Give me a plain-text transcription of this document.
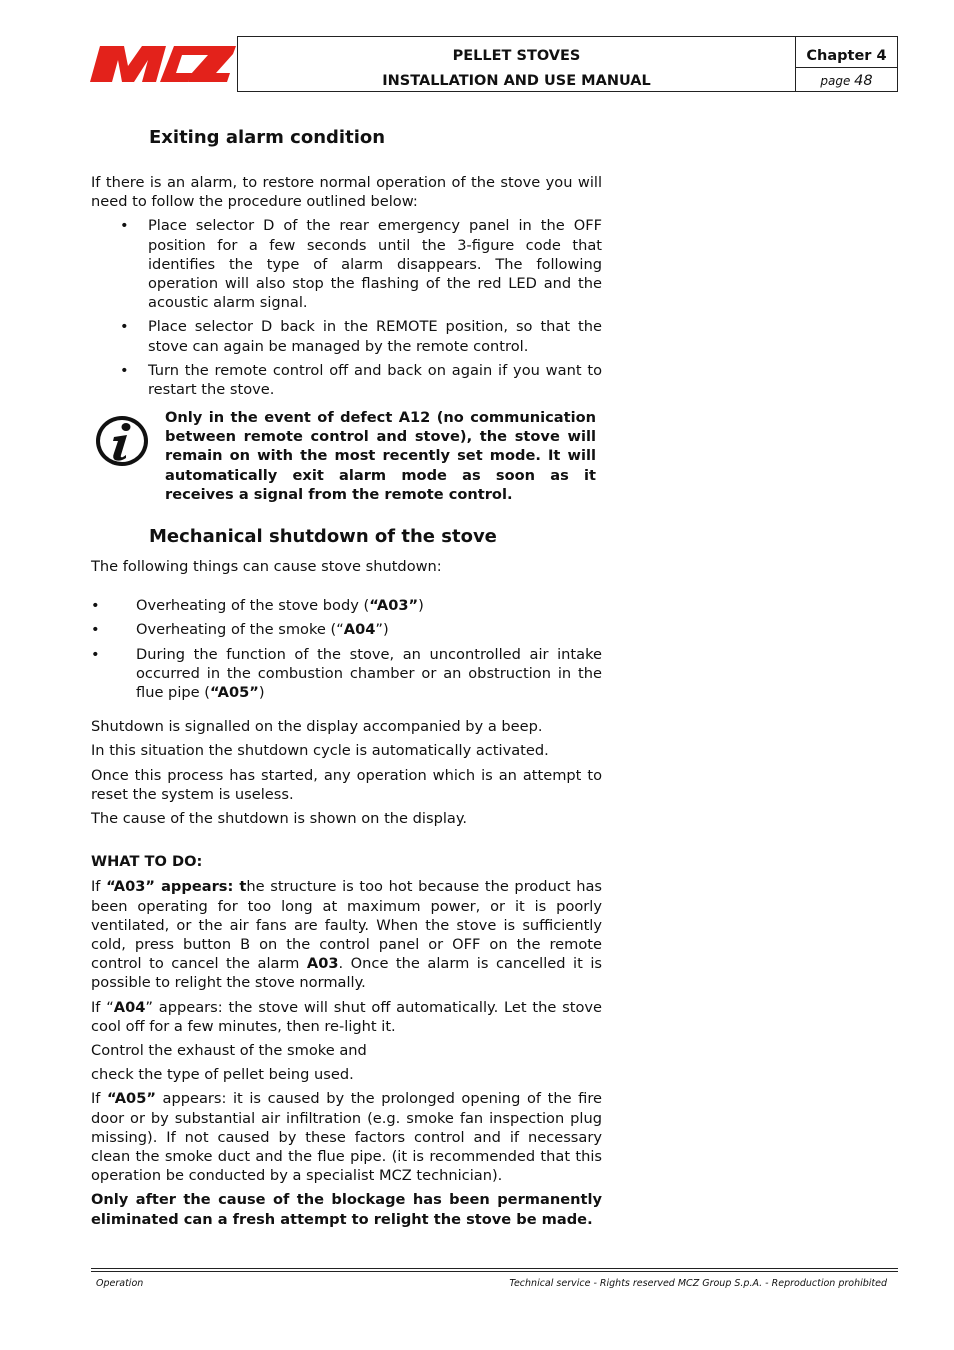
PELLET STOVES
INSTALLATION AND USE MANUAL
Chapter 4
page 48
Exiting alarm condition

If there is an alarm, to restore normal operation of the stove you will need to follow the procedure outlined below:

• Place selector D of the rear emergency panel in the OFF position for a few seconds until the 3-figure code that identifies the type of alarm disappears. The following operation will also stop the flashing of the red LED and the acoustic alarm signal.
• Place selector D back in the REMOTE position, so that the stove can again be managed by the remote control.
• Turn the remote control off and back on again if you want to restart the stove.
Only in the event of defect A12 (no communication between remote control and stove), the stove will remain on with the most recently set mode. It will automatically exit alarm mode as soon as it receives a signal from the remote control.
Mechanical shutdown of the stove

The following things can cause stove shutdown:

• Overheating of the stove body (“A03”)
• Overheating of the smoke (“A04”)
• During the function of the stove, an uncontrolled air intake occurred in the combustion chamber or an obstruction in the flue pipe (“A05”)

Shutdown is signalled on the display accompanied by a beep.

In this situation the shutdown cycle is automatically activated.

Once this process has started, any operation which is an attempt to reset the system is useless.

The cause of the shutdown is shown on the display.

WHAT TO DO:

If “A03” appears: the structure is too hot because the product has been operating for too long at maximum power, or it is poorly ventilated, or the air fans are faulty. When the stove is sufficiently cold, press button B on the control panel or OFF on the remote control to cancel the alarm A03. Once the alarm is cancelled it is possible to relight the stove normally.

If “A04” appears: the stove will shut off automatically. Let the stove cool off for a few minutes, then re-light it.

Control the exhaust of the smoke and

check the type of pellet being used.

If “A05” appears: it is caused by the prolonged opening of the fire door or by substantial air infiltration (e.g. smoke fan inspection plug missing). If not caused by these factors control and if necessary clean the smoke duct and the flue pipe. (it is recommended that this operation be conducted by a specialist MCZ technician).

Only after the cause of the blockage has been permanently eliminated can a fresh attempt to relight the stove be made.

Operation	Technical service - Rights reserved MCZ Group S.p.A. - Reproduction prohibited
